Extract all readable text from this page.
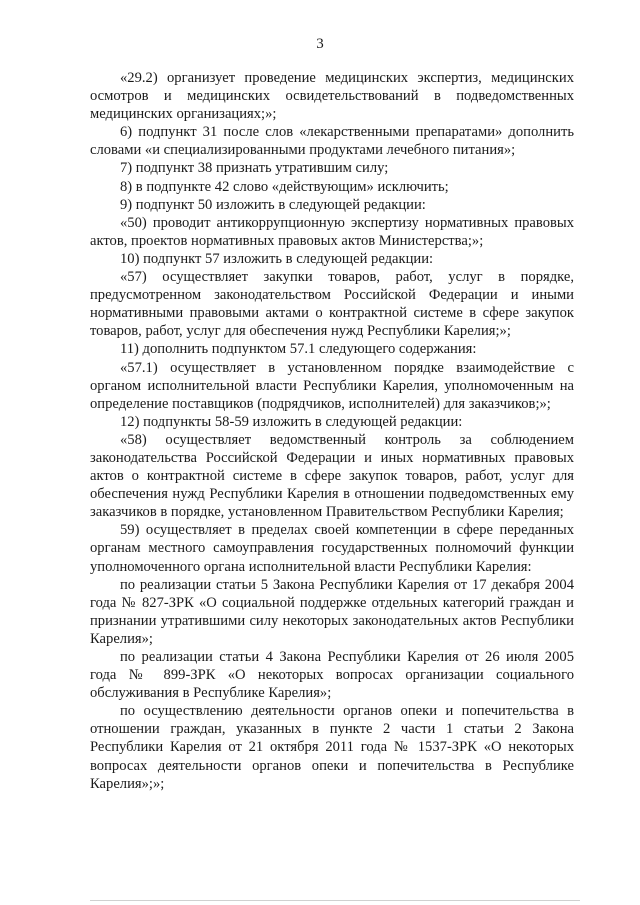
3

«29.2) организует проведение медицинских экспертиз, медицинских осмотров и медицинских освидетельствований в подведомственных медицинских организациях;»;

6) подпункт 31 после слов «лекарственными препаратами» дополнить словами «и специализированными продуктами лечебного питания»;

7) подпункт 38 признать утратившим силу;

8) в подпункте 42 слово «действующим» исключить;

9) подпункт 50 изложить в следующей редакции:

«50) проводит антикоррупционную экспертизу нормативных правовых актов, проектов нормативных правовых актов Министерства;»;

10) подпункт 57 изложить в следующей редакции:

«57) осуществляет закупки товаров, работ, услуг в порядке, предусмотренном законодательством Российской Федерации и иными нормативными правовыми актами о контрактной системе в сфере закупок товаров, работ, услуг для обеспечения нужд Республики Карелия;»;

11) дополнить подпунктом 57.1 следующего содержания:

«57.1) осуществляет в установленном порядке взаимодействие с органом исполнительной власти Республики Карелия, уполномоченным на определение поставщиков (подрядчиков, исполнителей) для заказчиков;»;

12) подпункты 58-59 изложить в следующей редакции:

«58) осуществляет ведомственный контроль за соблюдением законодательства Российской Федерации и иных нормативных правовых актов о контрактной системе в сфере закупок товаров, работ, услуг для обеспечения нужд Республики Карелия в отношении подведомственных ему заказчиков в порядке, установленном Правительством Республики Карелия;

59) осуществляет в пределах своей компетенции в сфере переданных органам местного самоуправления государственных полномочий функции уполномоченного органа исполнительной власти Республики Карелия:

по реализации статьи 5 Закона Республики Карелия от 17 декабря 2004 года № 827-ЗРК «О социальной поддержке отдельных категорий граждан и признании утратившими силу некоторых законодательных актов Республики Карелия»;

по реализации статьи 4 Закона Республики Карелия от 26 июля 2005 года № 899-ЗРК «О некоторых вопросах организации социального обслуживания в Республике Карелия»;

по осуществлению деятельности органов опеки и попечительства в отношении граждан, указанных в пункте 2 части 1 статьи 2 Закона Республики Карелия от 21 октября 2011 года № 1537-ЗРК «О некоторых вопросах деятельности органов опеки и попечительства в Республике Карелия»;»;
